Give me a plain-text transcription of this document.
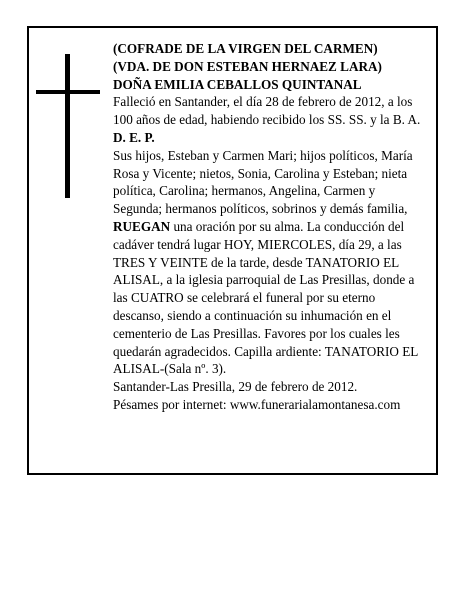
(COFRADE DE LA VIRGEN DEL CARMEN)

(VDA. DE DON ESTEBAN HERNAEZ LARA)

DOÑA EMILIA CEBALLOS QUINTANAL

Falleció en Santander, el día 28 de febrero de 2012, a los 100 años de edad, habiendo recibido los SS. SS. y la B. A.

D. E. P.

Sus hijos, Esteban y Carmen Mari; hijos políticos, María Rosa y Vicente; nietos, Sonia, Carolina y Esteban; nieta política, Carolina; hermanos, Angelina, Carmen y Segunda; hermanos políticos, sobrinos y demás familia,

RUEGAN una oración por su alma. La conducción del cadáver tendrá lugar HOY, MIERCOLES, día 29, a las TRES Y VEINTE de la tarde, desde TANATORIO EL ALISAL, a la iglesia parroquial de Las Presillas, donde a las CUATRO se celebrará el funeral por su eterno descanso, siendo a continuación su inhumación en el cementerio de Las Presillas. Favores por los cuales les quedarán agradecidos. Capilla ardiente: TANATORIO EL ALISAL-(Sala nº. 3).

Santander-Las Presilla, 29 de febrero de 2012.

Pésames por internet: www.funerarialamontanesa.com
